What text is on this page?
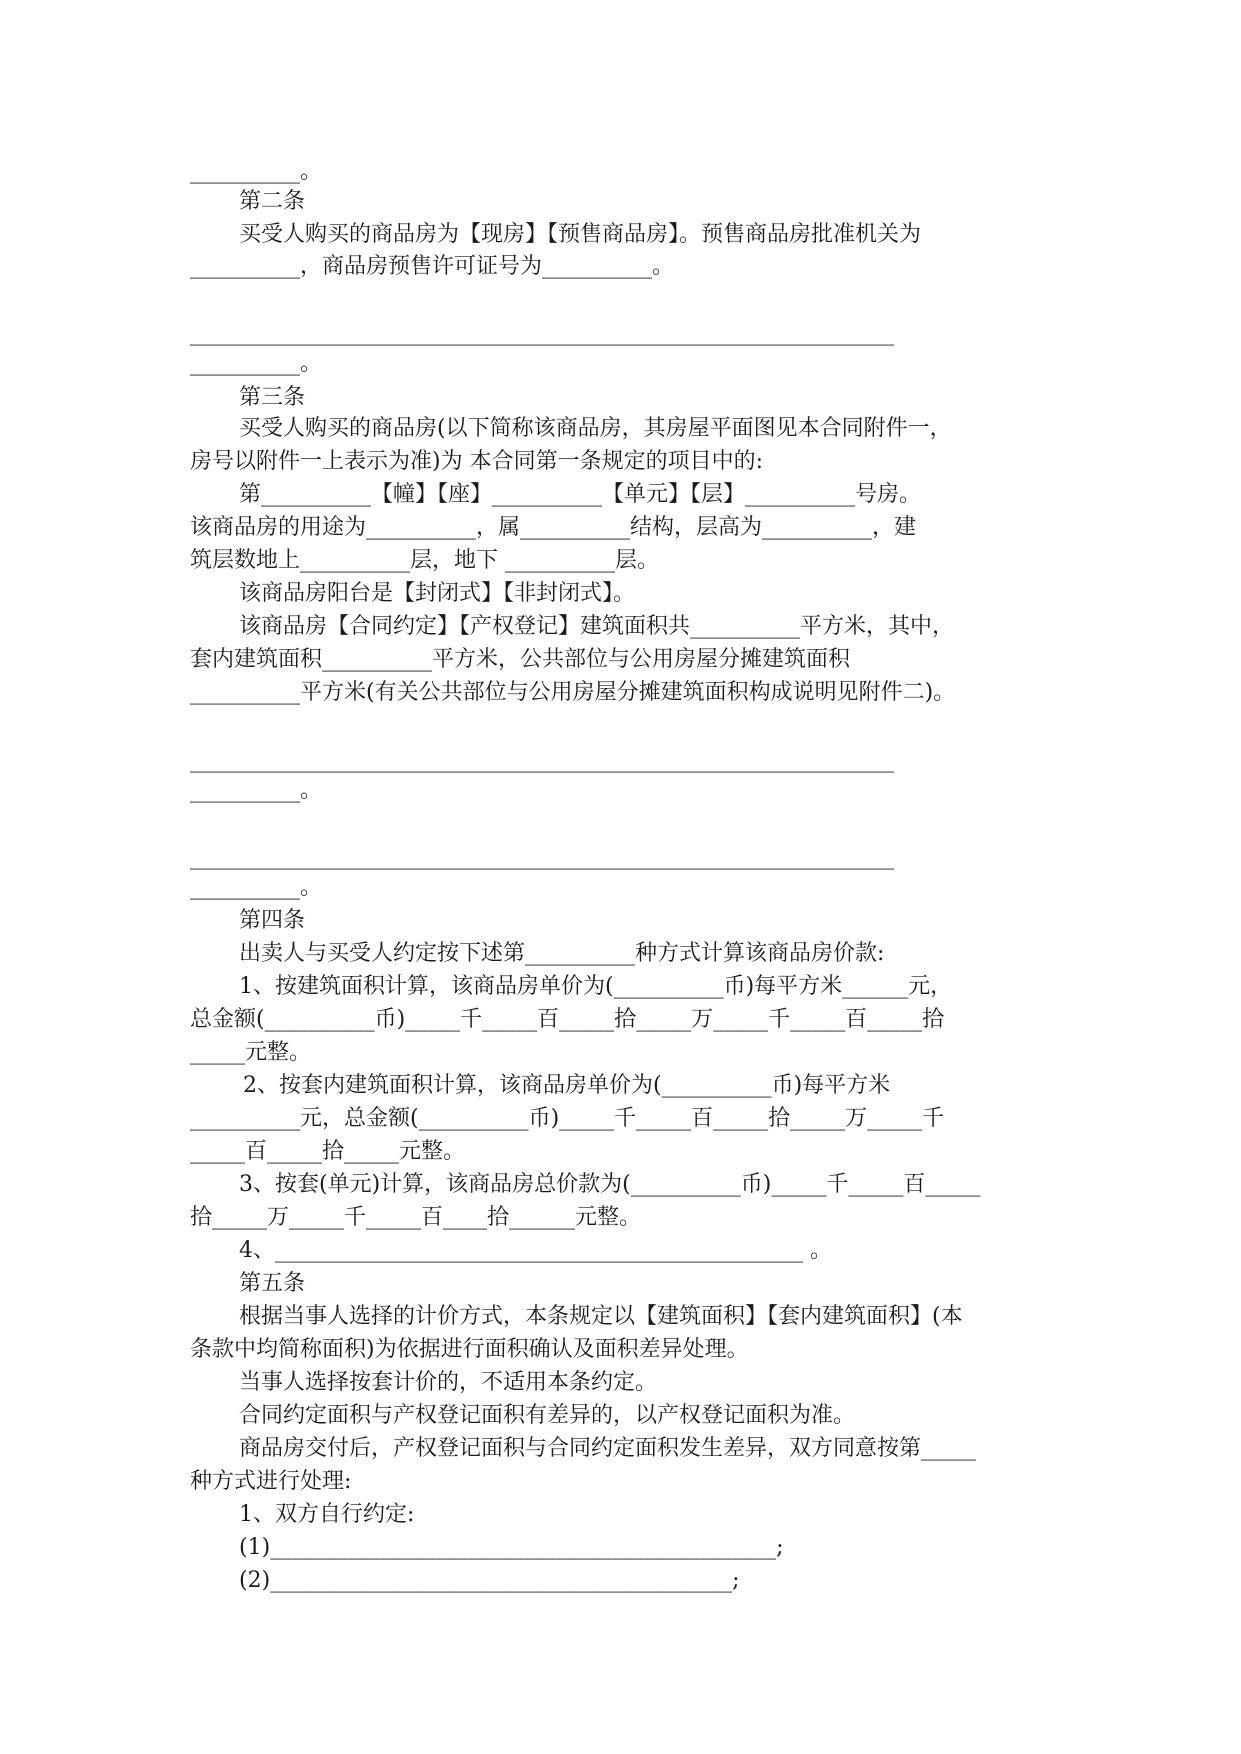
__________。
第二条
买受人购买的商品房为【现房】【预售商品房】。预售商品房批准机关为
__________，商品房预售许可证号为__________。
________________________________________________________________
__________。
第三条
买受人购买的商品房(以下简称该商品房，其房屋平面图见本合同附件一，
房号以附件一上表示为准)为 本合同第一条规定的项目中的:
第__________【幢】【座】__________【单元】【层】__________号房。
该商品房的用途为__________，属__________结构，层高为__________，建
筑层数地上__________层，地下 __________层。
该商品房阳台是【封闭式】【非封闭式】。
该商品房【合同约定】【产权登记】建筑面积共__________平方米，其中，
套内建筑面积__________平方米，公共部位与公用房屋分摊建筑面积
__________平方米(有关公共部位与公用房屋分摊建筑面积构成说明见附件二)。
________________________________________________________________
__________。
________________________________________________________________
__________。
第四条
出卖人与买受人约定按下述第__________种方式计算该商品房价款:
1、按建筑面积计算，该商品房单价为(__________币)每平方米______元，
总金额(__________币)_____千_____百_____拾_____万_____千_____百_____拾
_____元整。
2、按套内建筑面积计算，该商品房单价为(__________币)每平方米
__________元，总金额(__________币)_____千_____百_____拾_____万_____千
_____百_____拾_____元整。
3、按套(单元)计算，该商品房总价款为(__________币)_____千_____百_____
拾_____万_____千_____百____拾______元整。
4、________________________________________________ 。
第五条
根据当事人选择的计价方式，本条规定以【建筑面积】【套内建筑面积】(本
条款中均简称面积)为依据进行面积确认及面积差异处理。
当事人选择按套计价的，不适用本条约定。
合同约定面积与产权登记面积有差异的，以产权登记面积为准。
商品房交付后，产权登记面积与合同约定面积发生差异，双方同意按第_____
种方式进行处理:
1、双方自行约定:
(1)______________________________________________;
(2)__________________________________________;
